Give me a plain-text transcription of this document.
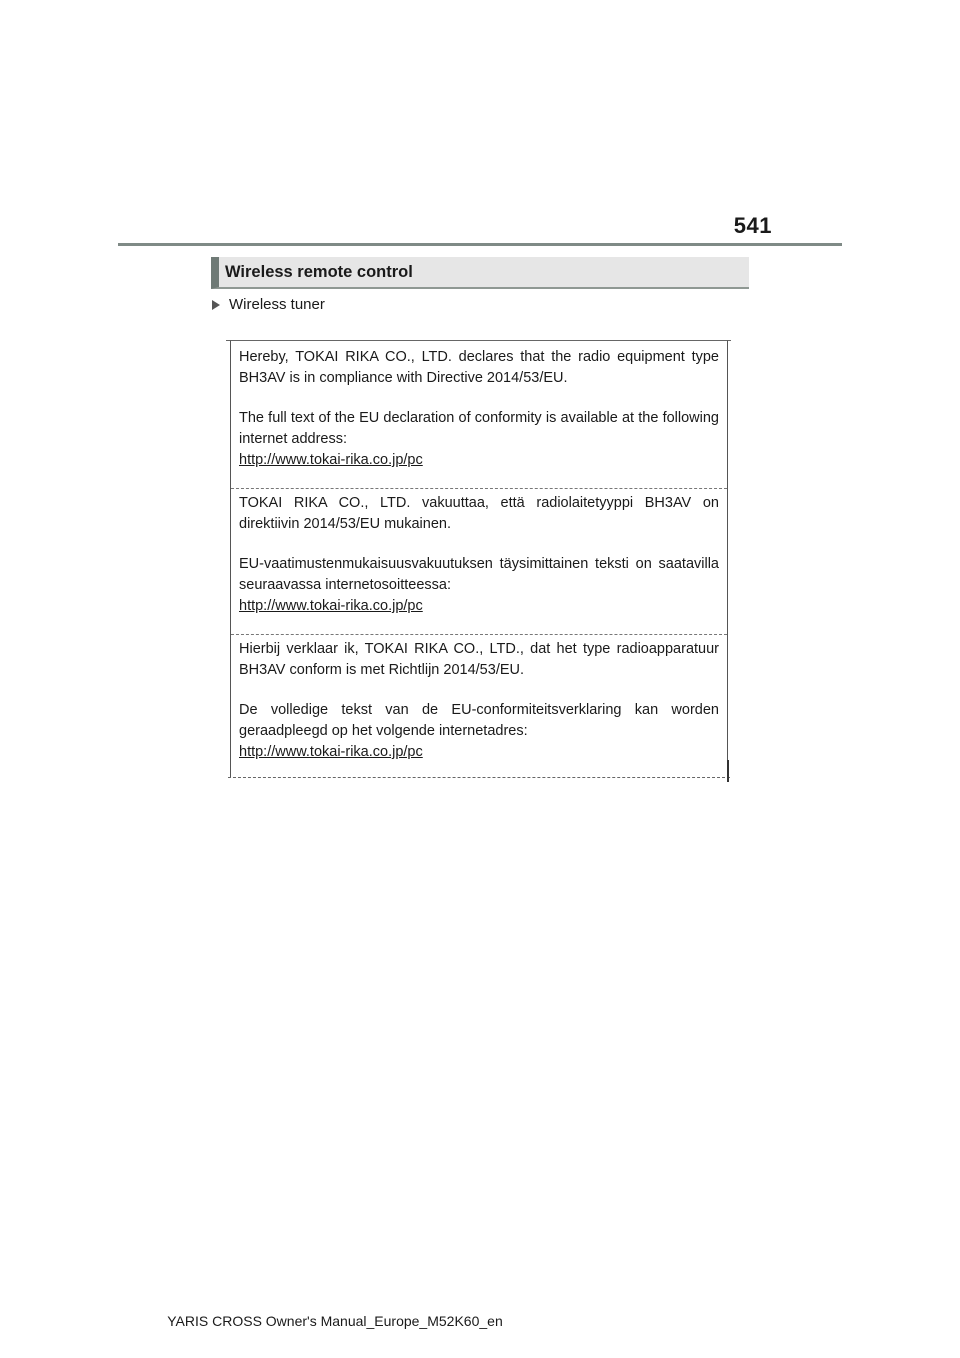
541
Wireless remote control
Wireless tuner

Hereby, TOKAI RIKA CO., LTD. declares that the radio equipment type BH3AV is in compliance with Directive 2014/53/EU.

The full text of the EU declaration of conformity is available at the following internet address:

http://www.tokai-rika.co.jp/pc

TOKAI RIKA CO., LTD. vakuuttaa, että radiolaitetyyppi BH3AV on direktiivin 2014/53/EU mukainen.

EU-vaatimustenmukaisuusvakuutuksen täysimittainen teksti on saatavilla seuraavassa internetosoitteessa:

http://www.tokai-rika.co.jp/pc

Hierbij verklaar ik, TOKAI RIKA CO., LTD., dat het type radioapparatuur BH3AV conform is met Richtlijn 2014/53/EU.

De volledige tekst van de EU-conformiteitsverklaring kan worden geraadpleegd op het volgende internetadres:

http://www.tokai-rika.co.jp/pc
YARIS CROSS Owner's Manual_Europe_M52K60_en
